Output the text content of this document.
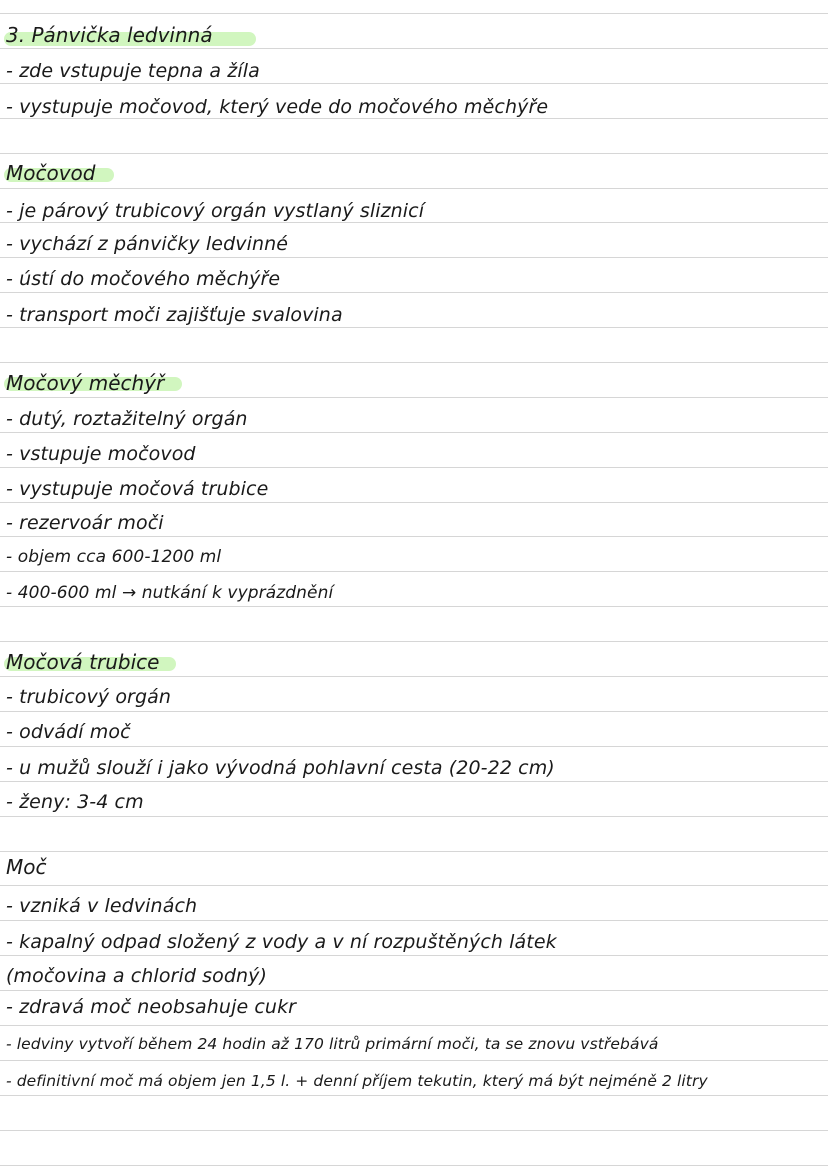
3. Pánvička ledvinná
- zde vstupuje tepna a žíla
- vystupuje močovod, který vede do močového měchýře
Močovod
- je párový trubicový orgán vystlaný sliznicí
- vychází z pánvičky ledvinné
- ústí do močového měchýře
- transport moči zajišťuje svalovina
Močový měchýř
- dutý, roztažitelný orgán
- vstupuje močovod
- vystupuje močová trubice
- rezervoár moči
- objem cca 600-1200 ml
- 400-600 ml → nutkání k vyprázdnění
Močová trubice
- trubicový orgán
- odvádí moč
- u mužů slouží i jako vývodná pohlavní cesta (20-22 cm)
- ženy: 3-4 cm
Moč
- vzniká v ledvinách
- kapalný odpad složený z vody a v ní rozpuštěných látek
(močovina a chlorid sodný)
- zdravá moč neobsahuje cukr
- ledviny vytvoří během 24 hodin až 170 litrů primární moči, ta se znovu vstřebává
- definitivní moč má objem jen 1,5 l. + denní příjem tekutin, který má být nejméně 2 litry
